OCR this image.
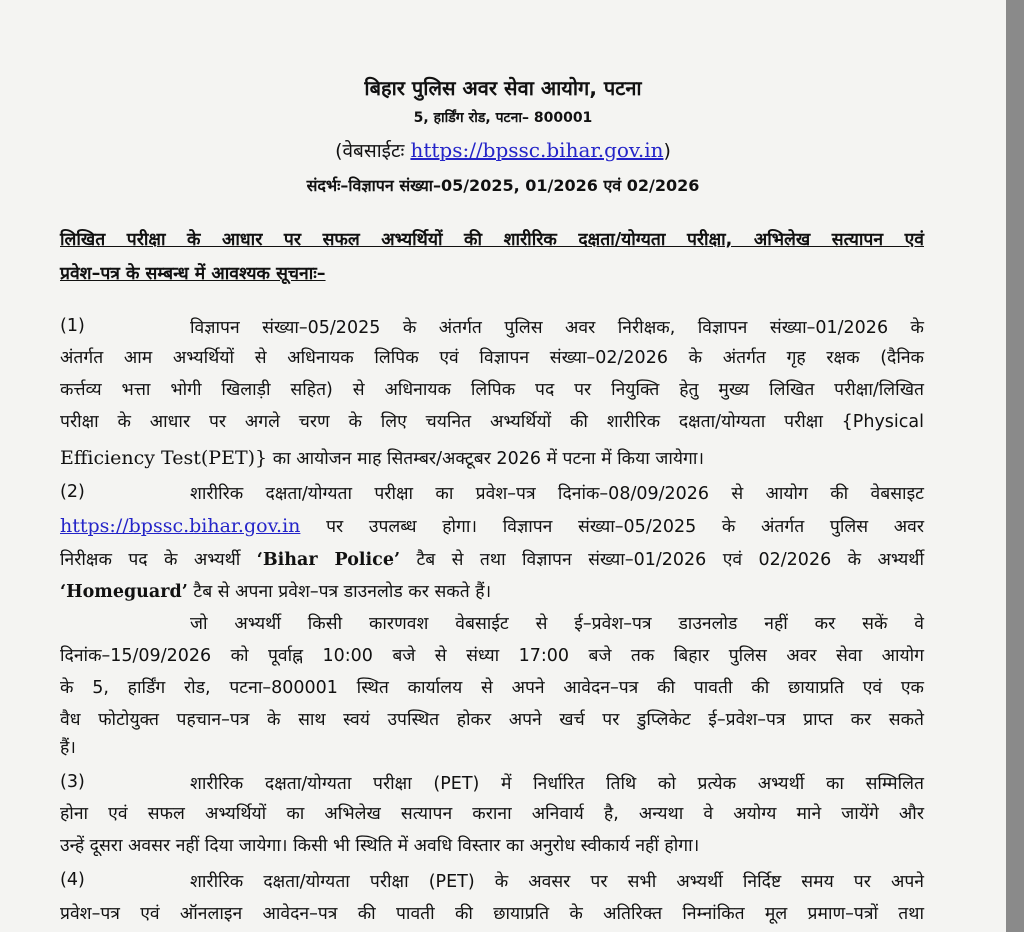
बिहार पुलिस अवर सेवा आयोग, पटना
5, हार्डिंग रोड, पटना– 800001
(वेबसाईटः https://bpssc.bihar.gov.in)
संदर्भः–विज्ञापन संख्या–05/2025, 01/2026 एवं 02/2026
लिखित परीक्षा के आधार पर सफल अभ्यर्थियों की शारीरिक दक्षता/योग्यता परीक्षा, अभिलेख सत्यापन एवं
प्रवेश–पत्र के सम्बन्ध में आवश्यक सूचनाः–
(1)	विज्ञापन संख्या–05/2025 के अंतर्गत पुलिस अवर निरीक्षक, विज्ञापन संख्या–01/2026 के
अंतर्गत आम अभ्यर्थियों से अधिनायक लिपिक एवं विज्ञापन संख्या–02/2026 के अंतर्गत गृह रक्षक (दैनिक
कर्त्तव्य भत्ता भोगी खिलाड़ी सहित) से अधिनायक लिपिक पद पर नियुक्ति हेतु मुख्य लिखित परीक्षा/लिखित
परीक्षा के आधार पर अगले चरण के लिए चयनित अभ्यर्थियों की शारीरिक दक्षता/योग्यता परीक्षा {Physical
Efficiency Test(PET)} का आयोजन माह सितम्बर/अक्टूबर 2026 में पटना में किया जायेगा।
(2)	शारीरिक दक्षता/योग्यता परीक्षा का प्रवेश–पत्र दिनांक–08/09/2026 से आयोग की वेबसाइट
https://bpssc.bihar.gov.in पर उपलब्ध होगा। विज्ञापन संख्या–05/2025 के अंतर्गत पुलिस अवर
निरीक्षक पद के अभ्यर्थी ‘Bihar Police’ टैब से तथा विज्ञापन संख्या–01/2026 एवं 02/2026 के अभ्यर्थी
‘Homeguard’ टैब से अपना प्रवेश–पत्र डाउनलोड कर सकते हैं।
जो अभ्यर्थी किसी कारणवश वेबसाईट से ई–प्रवेश–पत्र डाउनलोड नहीं कर सकें वे
दिनांक–15/09/2026 को पूर्वाह्न 10:00 बजे से संध्या 17:00 बजे तक बिहार पुलिस अवर सेवा आयोग
के 5, हार्डिंग रोड, पटना–800001 स्थित कार्यालय से अपने आवेदन–पत्र की पावती की छायाप्रति एवं एक
वैध फोटोयुक्त पहचान–पत्र के साथ स्वयं उपस्थित होकर अपने खर्च पर डुप्लिकेट ई–प्रवेश–पत्र प्राप्त कर सकते
हैं।
(3)	शारीरिक दक्षता/योग्यता परीक्षा (PET) में निर्धारित तिथि को प्रत्येक अभ्यर्थी का सम्मिलित
होना एवं सफल अभ्यर्थियों का अभिलेख सत्यापन कराना अनिवार्य है, अन्यथा वे अयोग्य माने जायेंगे और
उन्हें दूसरा अवसर नहीं दिया जायेगा। किसी भी स्थिति में अवधि विस्तार का अनुरोध स्वीकार्य नहीं होगा।
(4)	शारीरिक दक्षता/योग्यता परीक्षा (PET) के अवसर पर सभी अभ्यर्थी निर्दिष्ट समय पर अपने
प्रवेश–पत्र एवं ऑनलाइन आवेदन–पत्र की पावती की छायाप्रति के अतिरिक्त निम्नांकित मूल प्रमाण–पत्रों तथा
